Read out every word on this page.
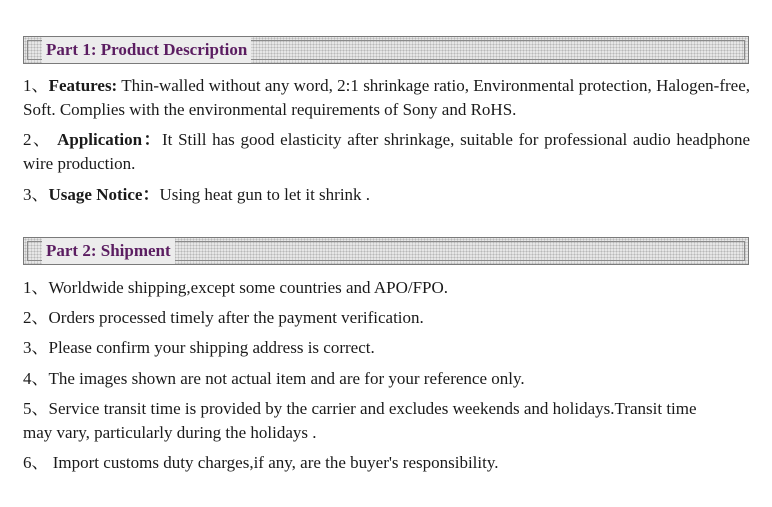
Part 1: Product Description

1、Features: Thin-walled without any word, 2:1 shrinkage ratio, Environmental protection, Halogen-free, Soft. Complies with the environmental requirements of Sony and RoHS.

2、 Application：It Still has good elasticity after shrinkage, suitable for professional audio headphone wire production.

3、Usage Notice：Using heat gun to let it shrink .

Part 2: Shipment

1、Worldwide shipping,except some countries and APO/FPO.

2、Orders processed timely after the payment verification.

3、Please confirm your shipping address is correct.

4、The images shown are not actual item and are for your reference only.

5、Service transit time is provided by the carrier and excludes weekends and holidays.Transit time may vary, particularly during the holidays .

6、 Import customs duty charges,if any, are the buyer's responsibility.
